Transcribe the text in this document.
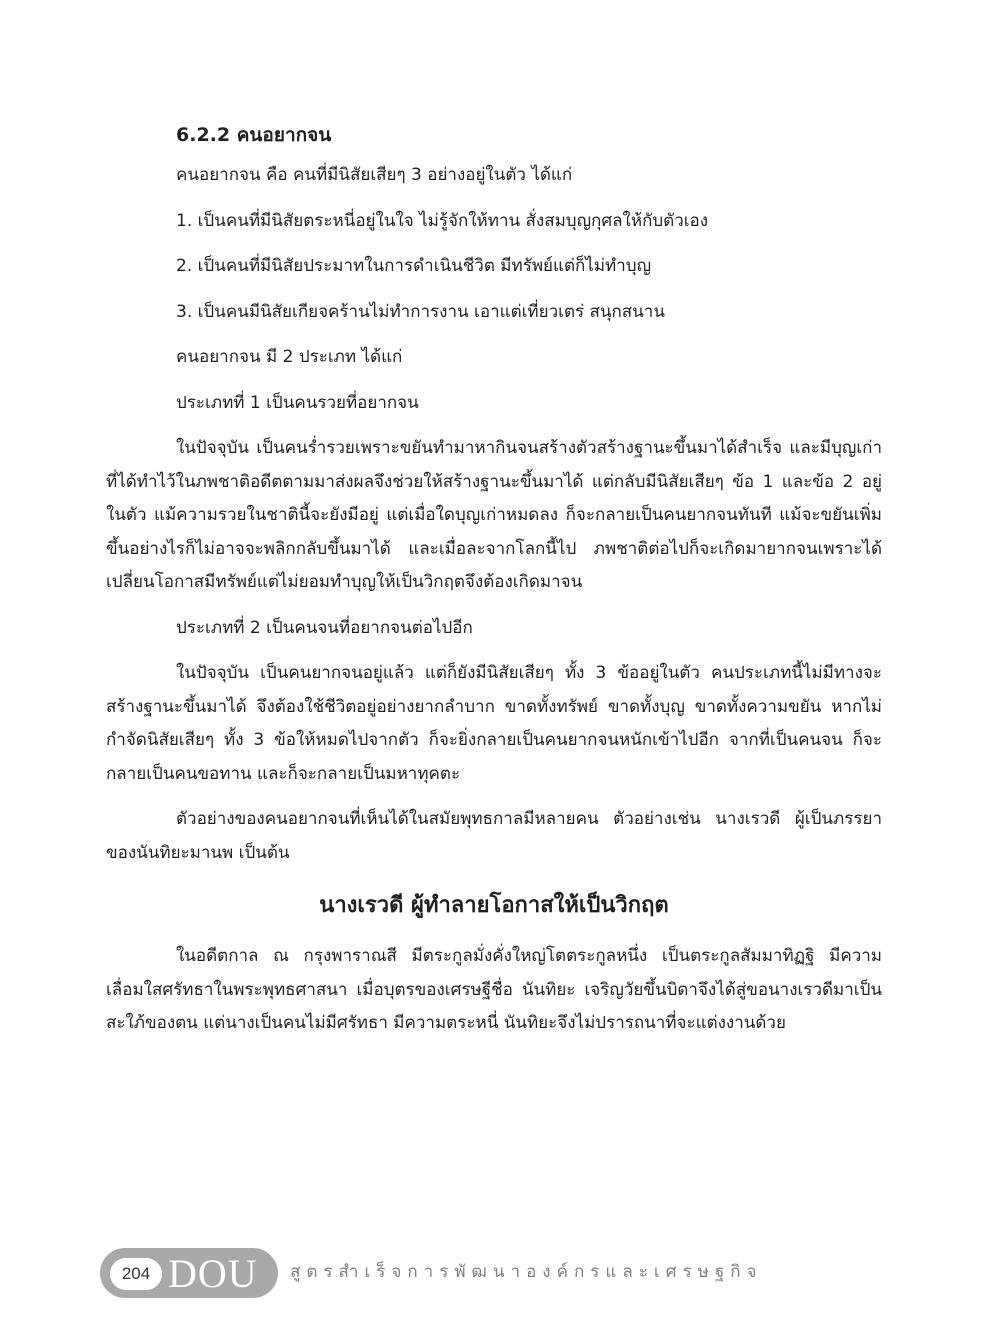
6.2.2 คนอยากจน

คนอยากจน คือ คนที่มีนิสัยเสียๆ 3 อย่างอยู่ในตัว ได้แก่

1. เป็นคนที่มีนิสัยตระหนี่อยู่ในใจ ไม่รู้จักให้ทาน สั่งสมบุญกุศลให้กับตัวเอง

2. เป็นคนที่มีนิสัยประมาทในการดำเนินชีวิต มีทรัพย์แต่ก็ไม่ทำบุญ

3. เป็นคนมีนิสัยเกียจคร้านไม่ทำการงาน เอาแต่เที่ยวเตร่ สนุกสนาน

คนอยากจน มี 2 ประเภท ได้แก่

ประเภทที่ 1 เป็นคนรวยที่อยากจน

ในปัจจุบัน เป็นคนร่ำรวยเพราะขยันทำมาหากินจนสร้างตัวสร้างฐานะขึ้นมาได้สำเร็จ และมีบุญเก่าที่ได้ทำไว้ในภพชาติอดีตตามมาส่งผลจึงช่วยให้สร้างฐานะขึ้นมาได้ แต่กลับมีนิสัยเสียๆ ข้อ 1 และข้อ 2 อยู่ในตัว แม้ความรวยในชาตินี้จะยังมีอยู่ แต่เมื่อใดบุญเก่าหมดลง ก็จะกลายเป็นคนยากจนทันที แม้จะขยันเพิ่มขึ้นอย่างไรก็ไม่อาจจะพลิกกลับขึ้นมาได้ และเมื่อละจากโลกนี้ไป ภพชาติต่อไปก็จะเกิดมายากจนเพราะได้เปลี่ยนโอกาสมีทรัพย์แต่ไม่ยอมทำบุญให้เป็นวิกฤตจึงต้องเกิดมาจน

ประเภทที่ 2 เป็นคนจนที่อยากจนต่อไปอีก

ในปัจจุบัน เป็นคนยากจนอยู่แล้ว แต่ก็ยังมีนิสัยเสียๆ ทั้ง 3 ข้ออยู่ในตัว คนประเภทนี้ไม่มีทางจะสร้างฐานะขึ้นมาได้ จึงต้องใช้ชีวิตอยู่อย่างยากลำบาก ขาดทั้งทรัพย์ ขาดทั้งบุญ ขาดทั้งความขยัน หากไม่กำจัดนิสัยเสียๆ ทั้ง 3 ข้อให้หมดไปจากตัว ก็จะยิ่งกลายเป็นคนยากจนหนักเข้าไปอีก จากที่เป็นคนจน ก็จะกลายเป็นคนขอทาน และก็จะกลายเป็นมหาทุคตะ

ตัวอย่างของคนอยากจนที่เห็นได้ในสมัยพุทธกาลมีหลายคน ตัวอย่างเช่น นางเรวดี ผู้เป็นภรรยาของนันทิยะมานพ เป็นต้น

นางเรวดี ผู้ทำลายโอกาสให้เป็นวิกฤต

ในอดีตกาล ณ กรุงพาราณสี มีตระกูลมั่งคั่งใหญ่โตตระกูลหนึ่ง เป็นตระกูลสัมมาทิฏฐิ มีความเลื่อมใสศรัทธาในพระพุทธศาสนา เมื่อบุตรของเศรษฐีชื่อ นันทิยะ เจริญวัยขึ้นบิดาจึงได้สู่ขอนางเรวดีมาเป็นสะใภ้ของตน แต่นางเป็นคนไม่มีศรัทธา มีความตระหนี่ นันทิยะจึงไม่ปรารถนาที่จะแต่งงานด้วย

204 DOU สูตรสำเร็จการพัฒนาองค์กรและเศรษฐกิจ
